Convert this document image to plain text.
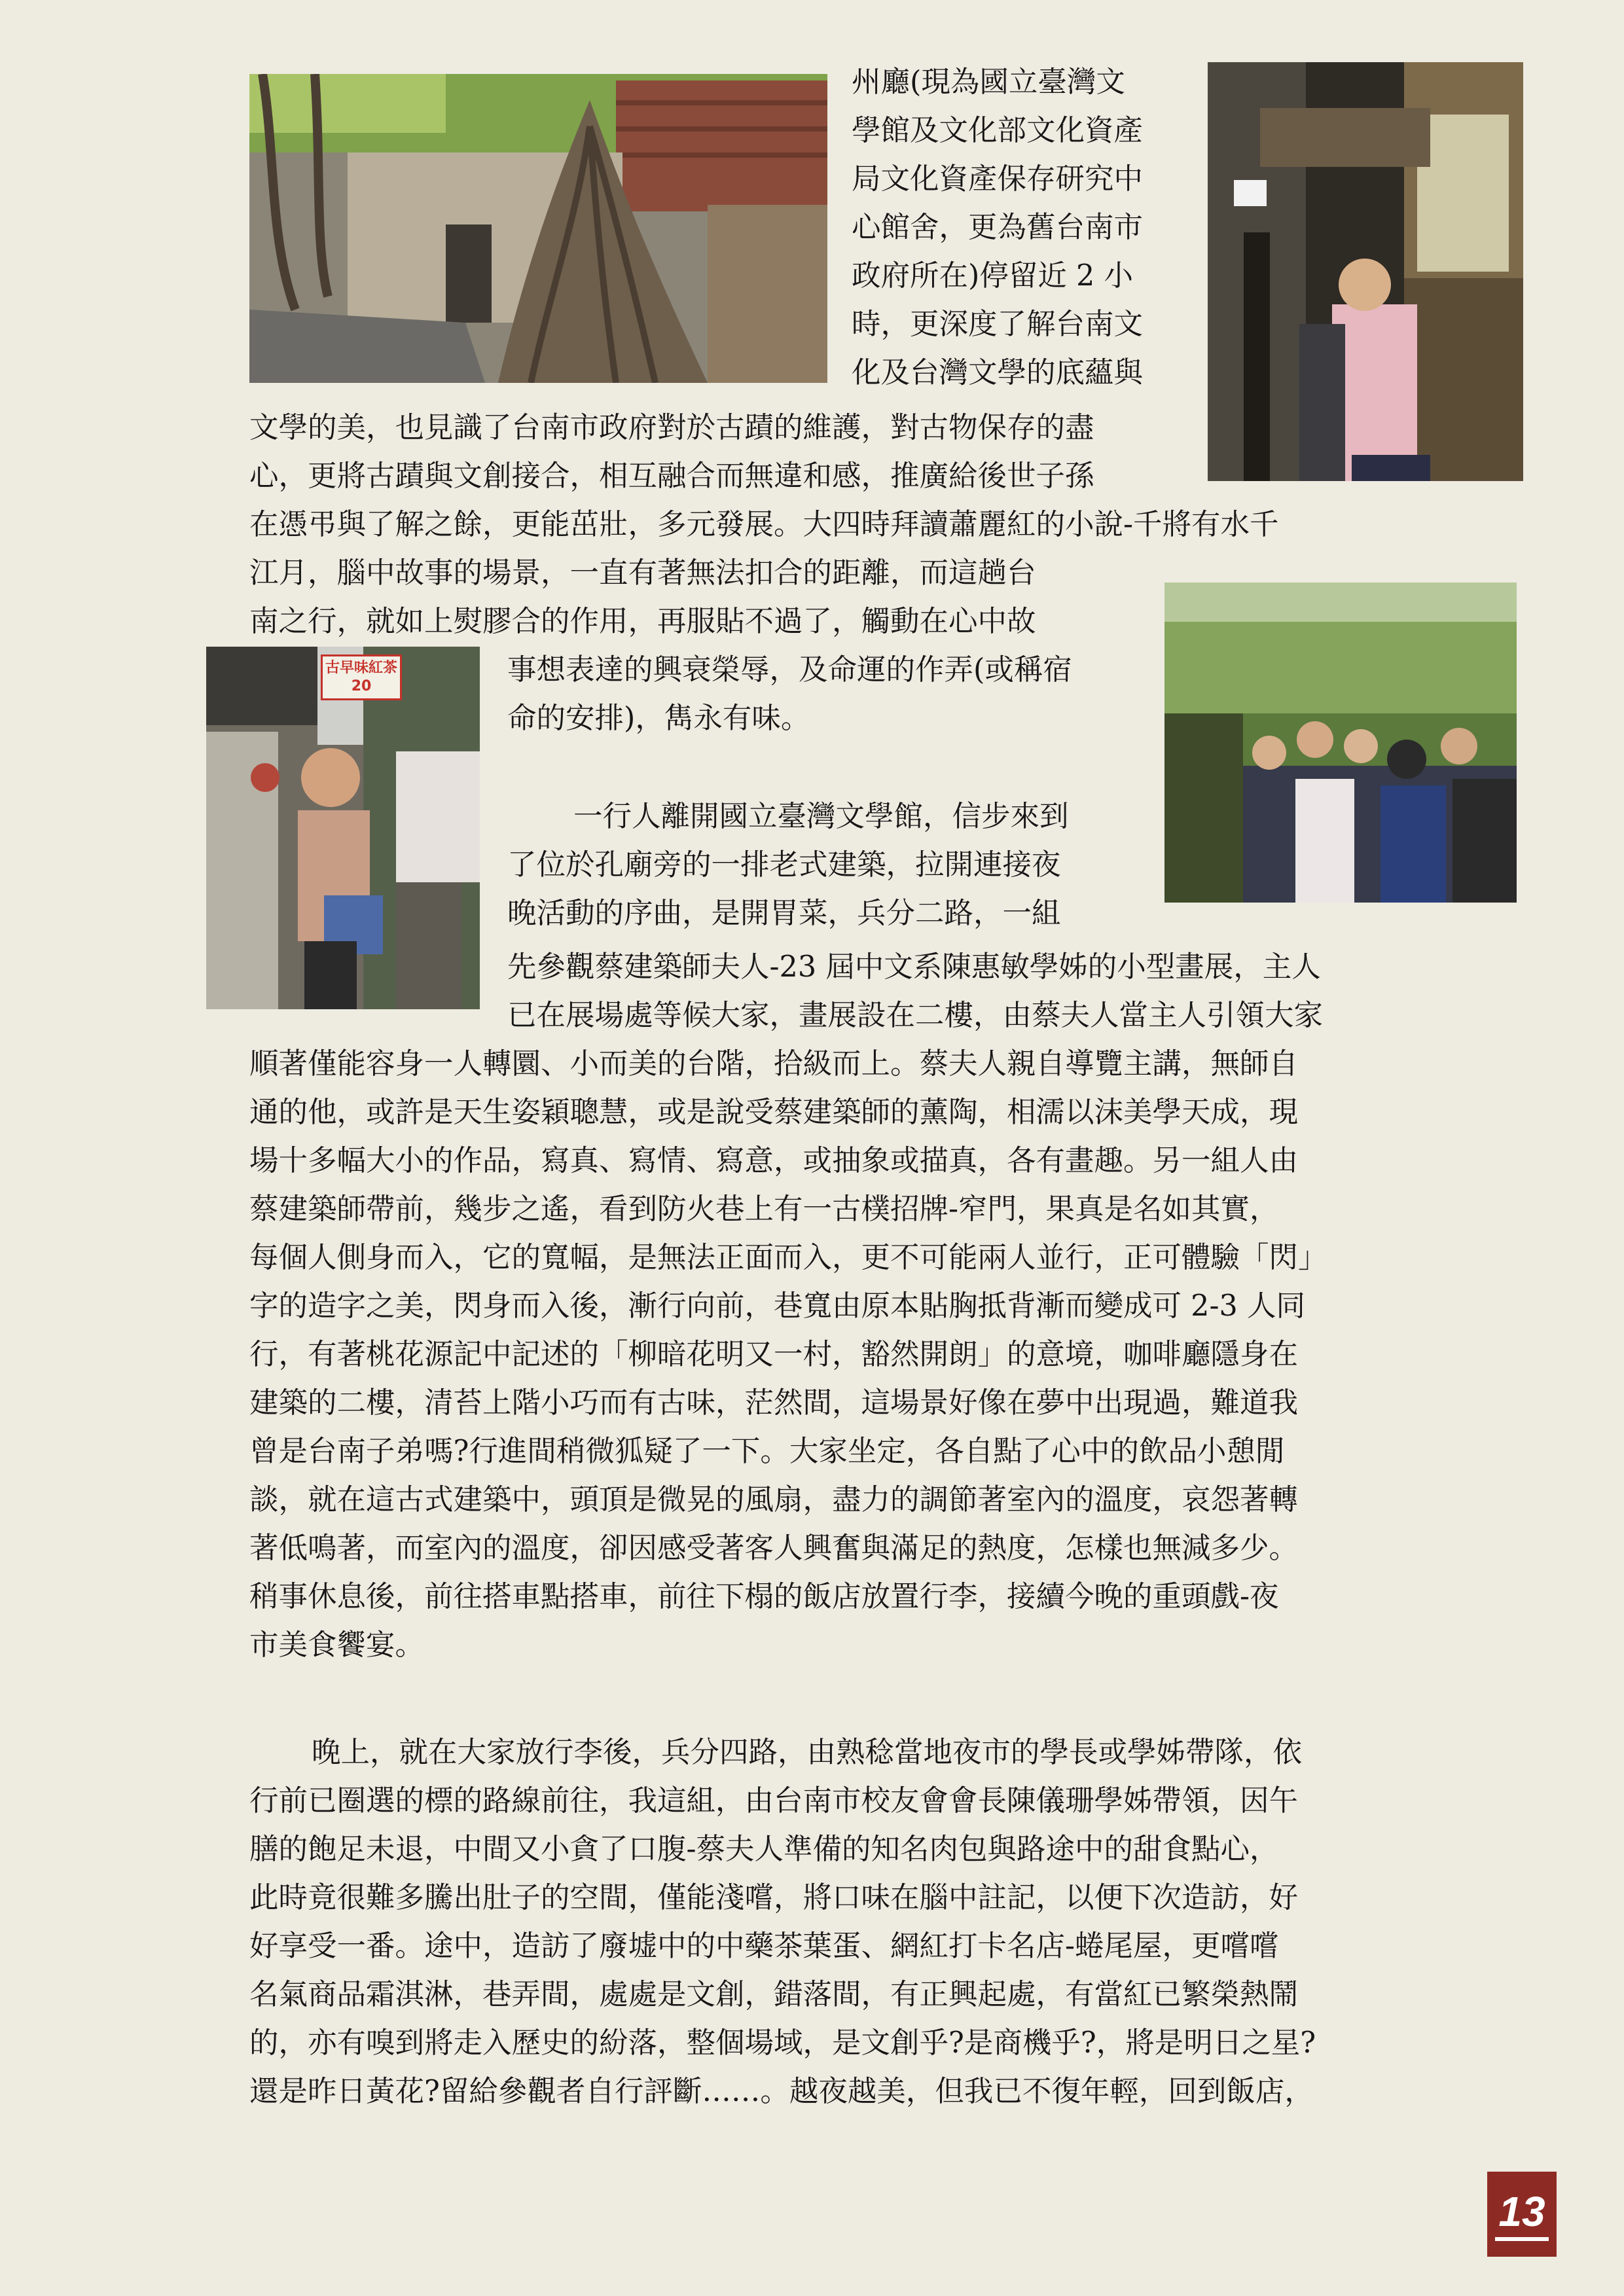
古早味紅茶20

州廳(現為國立臺灣文

學館及文化部文化資產

局文化資產保存研究中

心館舍，更為舊台南市

政府所在)停留近 2 小

時，更深度了解台南文

化及台灣文學的底蘊與

文學的美，也見識了台南市政府對於古蹟的維護，對古物保存的盡

心，更將古蹟與文創接合，相互融合而無違和感，推廣給後世子孫

在憑弔與了解之餘，更能茁壯，多元發展。大四時拜讀蕭麗紅的小說-千將有水千

江月，腦中故事的場景，一直有著無法扣合的距離，而這趟台

南之行，就如上熨膠合的作用，再服貼不過了，觸動在心中故

事想表達的興衰榮辱，及命運的作弄(或稱宿

命的安排)，雋永有味。

一行人離開國立臺灣文學館，信步來到

了位於孔廟旁的一排老式建築，拉開連接夜

晚活動的序曲，是開胃菜，兵分二路，一組

先參觀蔡建築師夫人-23 屆中文系陳惠敏學姊的小型畫展，主人

已在展場處等候大家，畫展設在二樓，由蔡夫人當主人引領大家

順著僅能容身一人轉圜、小而美的台階，拾級而上。蔡夫人親自導覽主講，無師自

通的他，或許是天生姿穎聰慧，或是說受蔡建築師的薰陶，相濡以沫美學天成，現

場十多幅大小的作品，寫真、寫情、寫意，或抽象或描真，各有畫趣。另一組人由

蔡建築師帶前，幾步之遙，看到防火巷上有一古樸招牌-窄門，果真是名如其實，

每個人側身而入，它的寬幅，是無法正面而入，更不可能兩人並行，正可體驗「閃」

字的造字之美，閃身而入後，漸行向前，巷寬由原本貼胸抵背漸而變成可 2-3 人同

行，有著桃花源記中記述的「柳暗花明又一村，豁然開朗」的意境，咖啡廳隱身在

建築的二樓，清苔上階小巧而有古味，茫然間，這場景好像在夢中出現過，難道我

曾是台南子弟嗎?行進間稍微狐疑了一下。大家坐定，各自點了心中的飲品小憩閒

談，就在這古式建築中，頭頂是微晃的風扇，盡力的調節著室內的溫度，哀怨著轉

著低鳴著，而室內的溫度，卻因感受著客人興奮與滿足的熱度，怎樣也無減多少。

稍事休息後，前往搭車點搭車，前往下榻的飯店放置行李，接續今晚的重頭戲-夜

市美食饗宴。

晚上，就在大家放行李後，兵分四路，由熟稔當地夜市的學長或學姊帶隊，依

行前已圈選的標的路線前往，我這組，由台南市校友會會長陳儀珊學姊帶領，因午

膳的飽足未退，中間又小貪了口腹-蔡夫人準備的知名肉包與路途中的甜食點心，

此時竟很難多騰出肚子的空間，僅能淺嚐，將口味在腦中註記，以便下次造訪，好

好享受一番。途中，造訪了廢墟中的中藥茶葉蛋、網紅打卡名店-蜷尾屋，更嚐嚐

名氣商品霜淇淋，巷弄間，處處是文創，錯落間，有正興起處，有當紅已繁榮熱鬧

的，亦有嗅到將走入歷史的紛落，整個場域，是文創乎?是商機乎?，將是明日之星?

還是昨日黃花?留給參觀者自行評斷……。越夜越美，但我已不復年輕，回到飯店，

13
